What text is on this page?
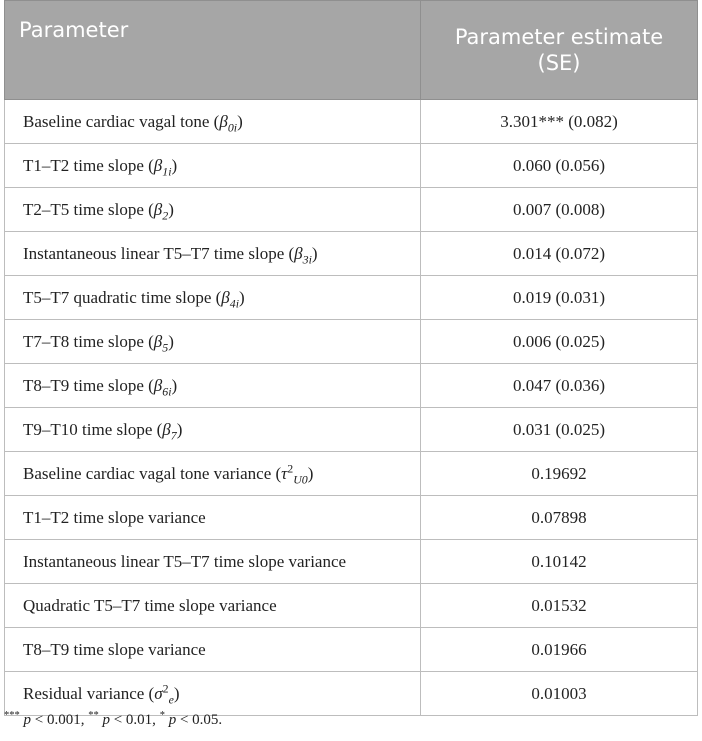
Parameter	Parameter estimate (SE)
Baseline cardiac vagal tone $(\beta_{0i})$	3.301*** (0.082)
T1–T2 time slope $(\beta_{1i})$	0.060 (0.056)
T2–T5 time slope $(\beta_2)$	0.007 (0.008)
Instantaneous linear T5–T7 time slope $(\beta_{3i})$	0.014 (0.072)
T5–T7 quadratic time slope $(\beta_{4i})$	0.019 (0.031)
T7–T8 time slope $(\beta_5)$	0.006 (0.025)
T8–T9 time slope $(\beta_{6i})$	0.047 (0.036)
T9–T10 time slope $(\beta_7)$	0.031 (0.025)
Baseline cardiac vagal tone variance $(\tau^2_{U0})$	0.19692
T1–T2 time slope variance	0.07898
Instantaneous linear T5–T7 time slope variance	0.10142
Quadratic T5–T7 time slope variance	0.01532
T8–T9 time slope variance	0.01966
Residual variance $(\sigma^2_e)$	0.01003
*** p < 0.001, ** p < 0.01, * p < 0.05.
